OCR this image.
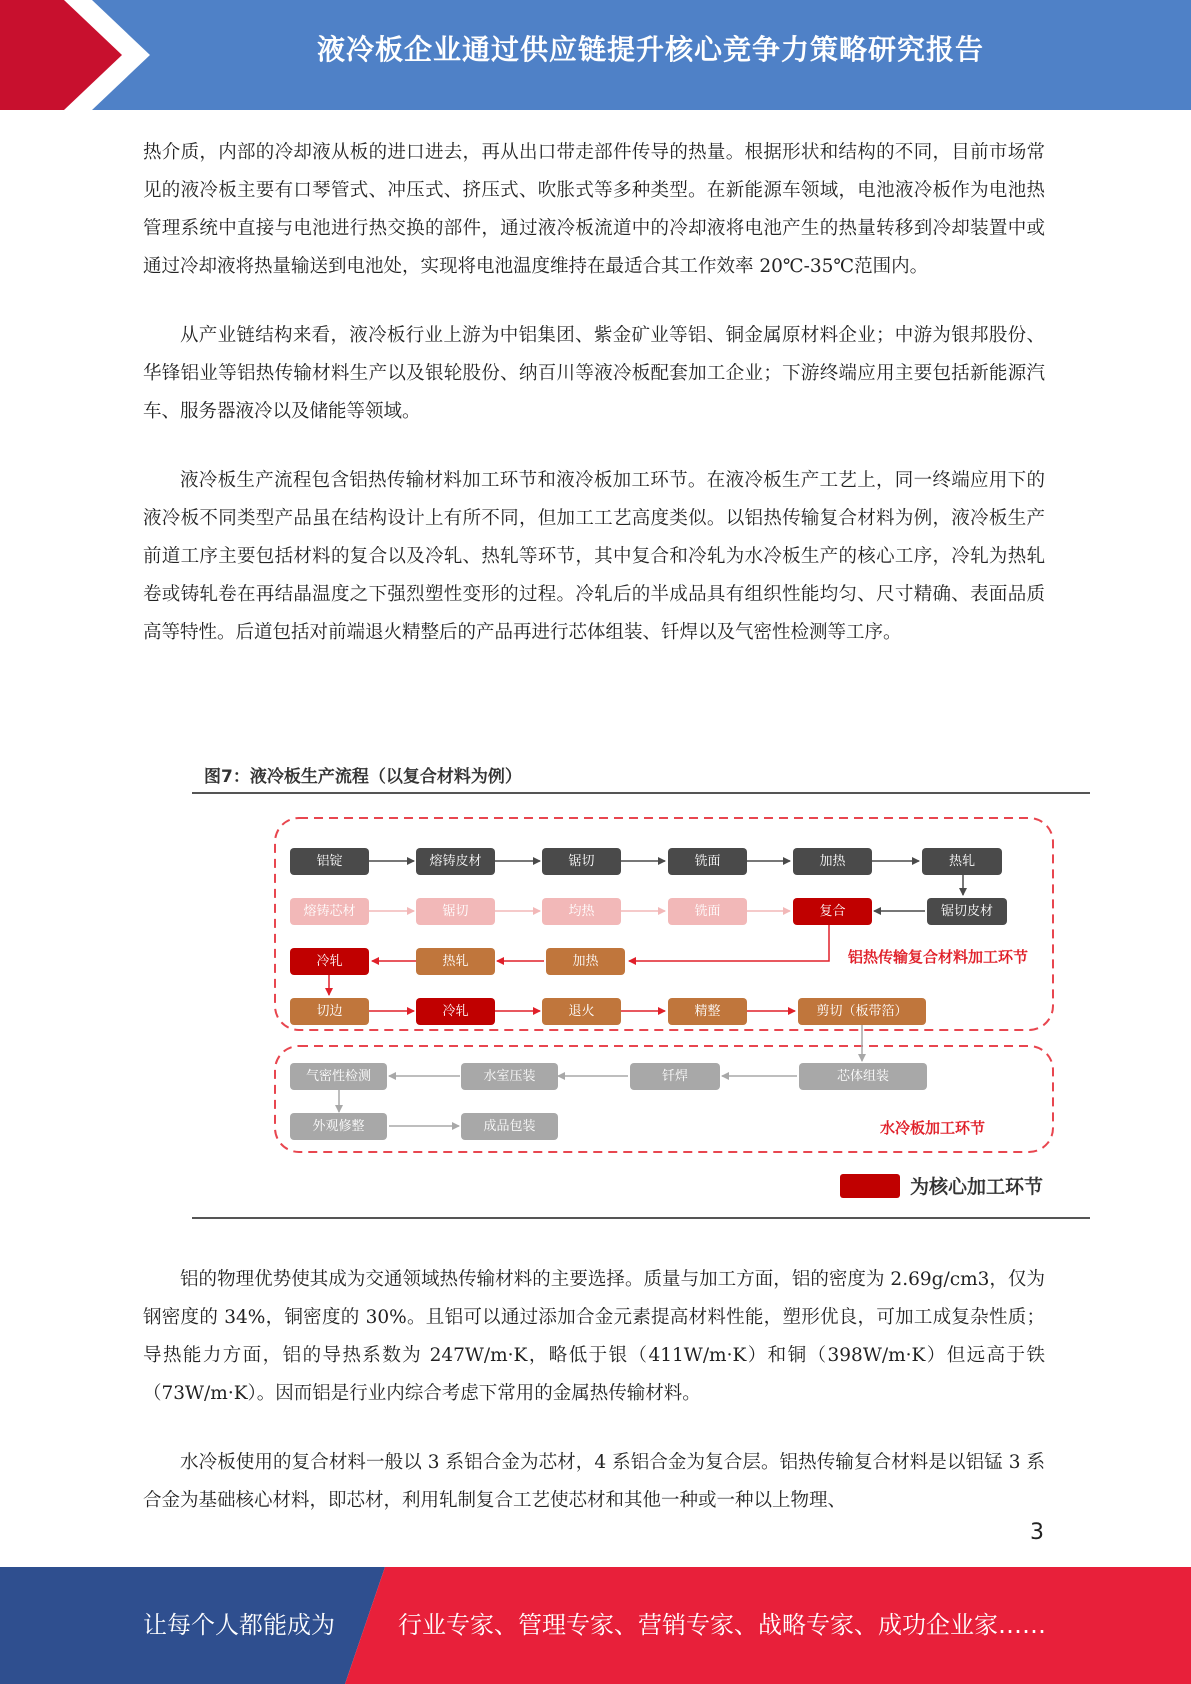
液冷板企业通过供应链提升核心竞争力策略研究报告

热介质，内部的冷却液从板的进口进去，再从出口带走部件传导的热量。根据形状和结构的不同，目前市场常见的液冷板主要有口琴管式、冲压式、挤压式、吹胀式等多种类型。在新能源车领域，电池液冷板作为电池热管理系统中直接与电池进行热交换的部件，通过液冷板流道中的冷却液将电池产生的热量转移到冷却装置中或通过冷却液将热量输送到电池处，实现将电池温度维持在最适合其工作效率 20℃-35℃范围内。

从产业链结构来看，液冷板行业上游为中铝集团、紫金矿业等铝、铜金属原材料企业；中游为银邦股份、华锋铝业等铝热传输材料生产以及银轮股份、纳百川等液冷板配套加工企业；下游终端应用主要包括新能源汽车、服务器液冷以及储能等领域。

液冷板生产流程包含铝热传输材料加工环节和液冷板加工环节。在液冷板生产工艺上，同一终端应用下的液冷板不同类型产品虽在结构设计上有所不同，但加工工艺高度类似。以铝热传输复合材料为例，液冷板生产前道工序主要包括材料的复合以及冷轧、热轧等环节，其中复合和冷轧为水冷板生产的核心工序，冷轧为热轧卷或铸轧卷在再结晶温度之下强烈塑性变形的过程。冷轧后的半成品具有组织性能均匀、尺寸精确、表面品质高等特性。后道包括对前端退火精整后的产品再进行芯体组装、钎焊以及气密性检测等工序。

图7：液冷板生产流程（以复合材料为例）
铝热传输复合材料加工环节
水冷板加工环节
铝锭	熔铸皮材	锯切	铣面	加热	热轧
熔铸芯材	锯切	均热	铣面	复合	锯切皮材
冷轧	热轧	加热
切边	冷轧	退火	精整	剪切（板带箔）
气密性检测	水室压装	钎焊	芯体组装
外观修整	成品包装
为核心加工环节

铝的物理优势使其成为交通领域热传输材料的主要选择。质量与加工方面，铝的密度为 2.69g/cm3，仅为钢密度的 34%，铜密度的 30%。且铝可以通过添加合金元素提高材料性能，塑形优良，可加工成复杂性质；导热能力方面，铝的导热系数为 247W/m·K，略低于银（411W/m·K）和铜（398W/m·K）但远高于铁（73W/m·K）。因而铝是行业内综合考虑下常用的金属热传输材料。

水冷板使用的复合材料一般以 3 系铝合金为芯材，4 系铝合金为复合层。铝热传输复合材料是以铝锰 3 系合金为基础核心材料，即芯材，利用轧制复合工艺使芯材和其他一种或一种以上物理、

3
让每个人都能成为	行业专家、管理专家、营销专家、战略专家、成功企业家……
